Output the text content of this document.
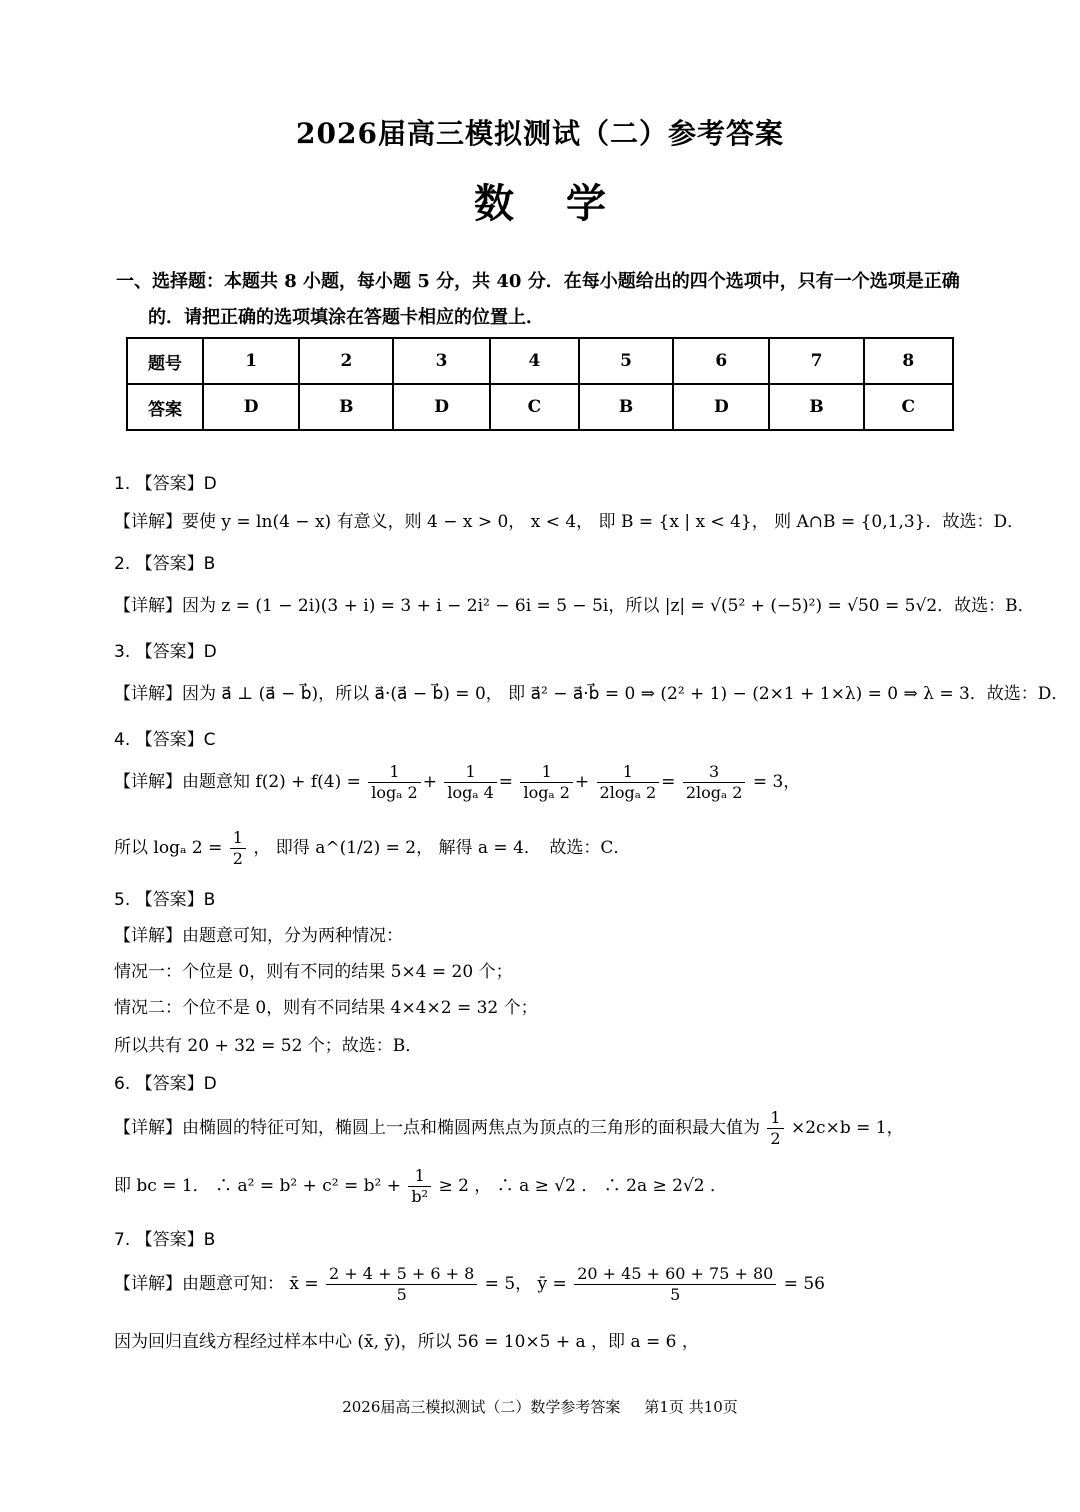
2026届高三模拟测试（二）参考答案
数学
一、选择题：本题共 8 小题，每小题 5 分，共 40 分．在每小题给出的四个选项中，只有一个选项是正确
的．请把正确的选项填涂在答题卡相应的位置上．
题号	1	2	3	4	5	6	7	8
答案	D	B	D	C	B	D	B	C
1. 【答案】D
【详解】要使 y = ln(4 − x) 有意义，则 4 − x > 0， x < 4， 即 B = {x | x < 4}， 则 A∩B = {0,1,3}．故选：D．
2. 【答案】B
【详解】因为 z = (1 − 2i)(3 + i) = 3 + i − 2i² − 6i = 5 − 5i，所以 |z| = √(5² + (−5)²) = √50 = 5√2．故选：B．
3. 【答案】D
【详解】因为 a⃗ ⊥ (a⃗ − b⃗)，所以 a⃗·(a⃗ − b⃗) = 0， 即 a⃗² − a⃗·b⃗ = 0 ⇒ (2² + 1) − (2×1 + 1×λ) = 0 ⇒ λ = 3．故选：D．
4. 【答案】C
【详解】由题意知 $f(2) + f(4) = \frac{1}{\text{logₐ 2}} + \frac{1}{\text{logₐ 4}} = \frac{1}{\text{logₐ 2}} + \frac{1}{\text{2logₐ 2}} = \frac{3}{\text{2logₐ 2}} = 3$，
所以 logₐ $2 = \frac{1}{2}$ ， 即得 a^(1/2) = 2， 解得 a = 4．　故选：C．
5. 【答案】B
【详解】由题意可知，分为两种情况：
情况一：个位是 0，则有不同的结果 5×4 = 20 个；
情况二：个位不是 0，则有不同结果 4×4×2 = 32 个；
所以共有 20 + 32 = 52 个；故选：B．
6. 【答案】D
【详解】由椭圆的特征可知，椭圆上一点和椭圆两焦点为顶点的三角形的面积最大值为 $\frac{1}{2} \times 2c\times b = 1$，
即 bc = 1． ∴ $a^2 = b^2 + c^2 = b^2 + \frac{1}{\text{b²}} \ge 2$ ， ∴ a ≥ √2 ． ∴ 2a ≥ 2√2 ．
7. 【答案】B
【详解】由题意可知： x̄ = $\frac{2 + 4 + 5 + 6 + 8}{5} = 5$， ȳ = $\frac{20 + 45 + 60 + 75 + 80}{5} = 56$
因为回归直线方程经过样本中心 (x̄, ȳ)，所以 56 = 10×5 + a ，即 a = 6 ，
2026届高三模拟测试（二）数学参考答案 第1页 共10页
